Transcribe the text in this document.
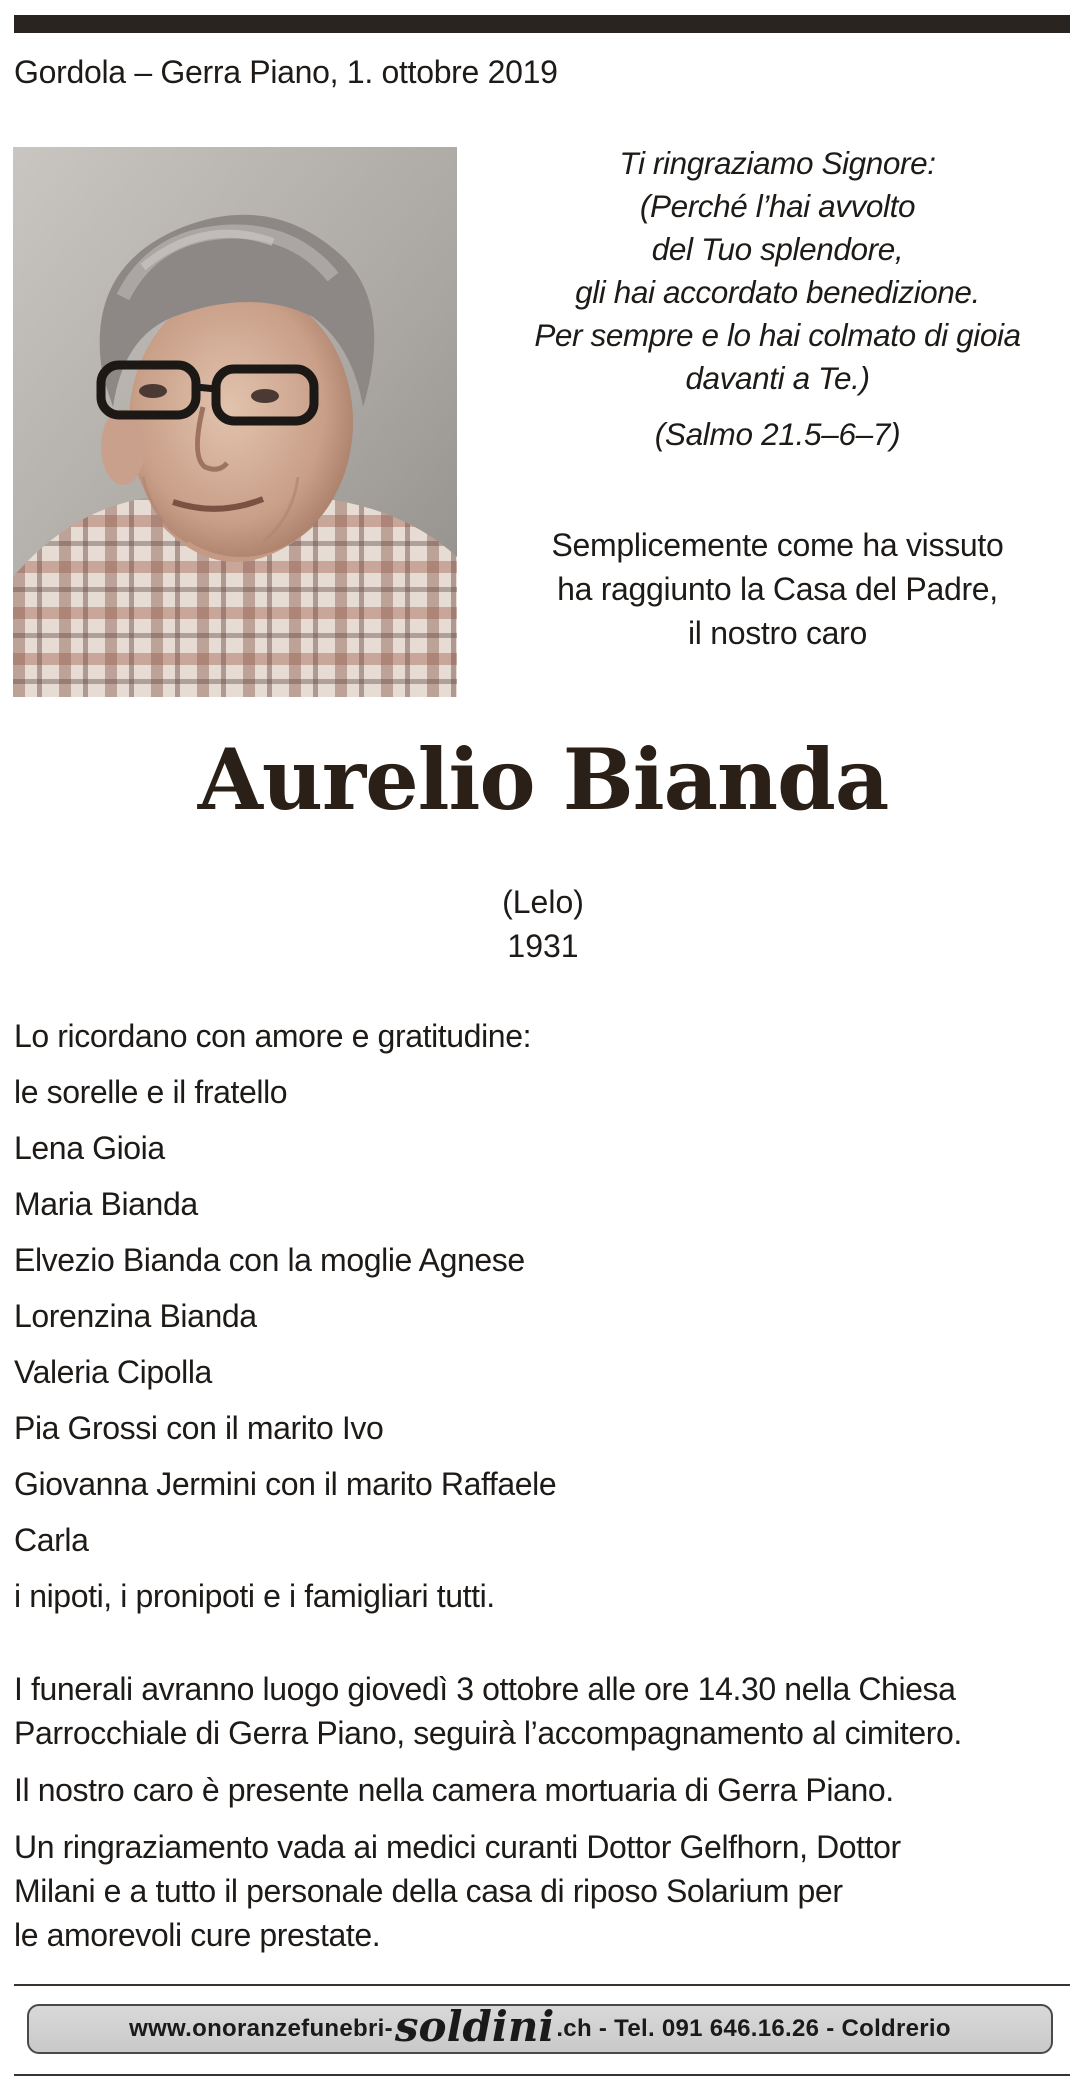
Gordola – Gerra Piano, 1. ottobre 2019
Ti ringraziamo Signore:
(Perché l’hai avvolto
del Tuo splendore,
gli hai accordato benedizione.
Per sempre e lo hai colmato di gioia
davanti a Te.)
(Salmo 21.5–6–7)
Semplicemente come ha vissuto
ha raggiunto la Casa del Padre,
il nostro caro
Aurelio Bianda
(Lelo)
1931
Lo ricordano con amore e gratitudine:
le sorelle e il fratello
Lena Gioia
Maria Bianda
Elvezio Bianda con la moglie Agnese
Lorenzina Bianda
Valeria Cipolla
Pia Grossi con il marito Ivo
Giovanna Jermini con il marito Raffaele
Carla
i nipoti, i pronipoti e i famigliari tutti.
I funerali avranno luogo giovedì 3 ottobre alle ore 14.30 nella Chiesa
Parrocchiale di Gerra Piano, seguirà l’accompagnamento al cimitero.
Il nostro caro è presente nella camera mortuaria di Gerra Piano.
Un ringraziamento vada ai medici curanti Dottor Gelfhorn, Dottor
Milani e a tutto il personale della casa di riposo Solarium per
le amorevoli cure prestate.
www.onoranzefunebri- soldini .ch - Tel. 091 646.16.26 - Coldrerio
